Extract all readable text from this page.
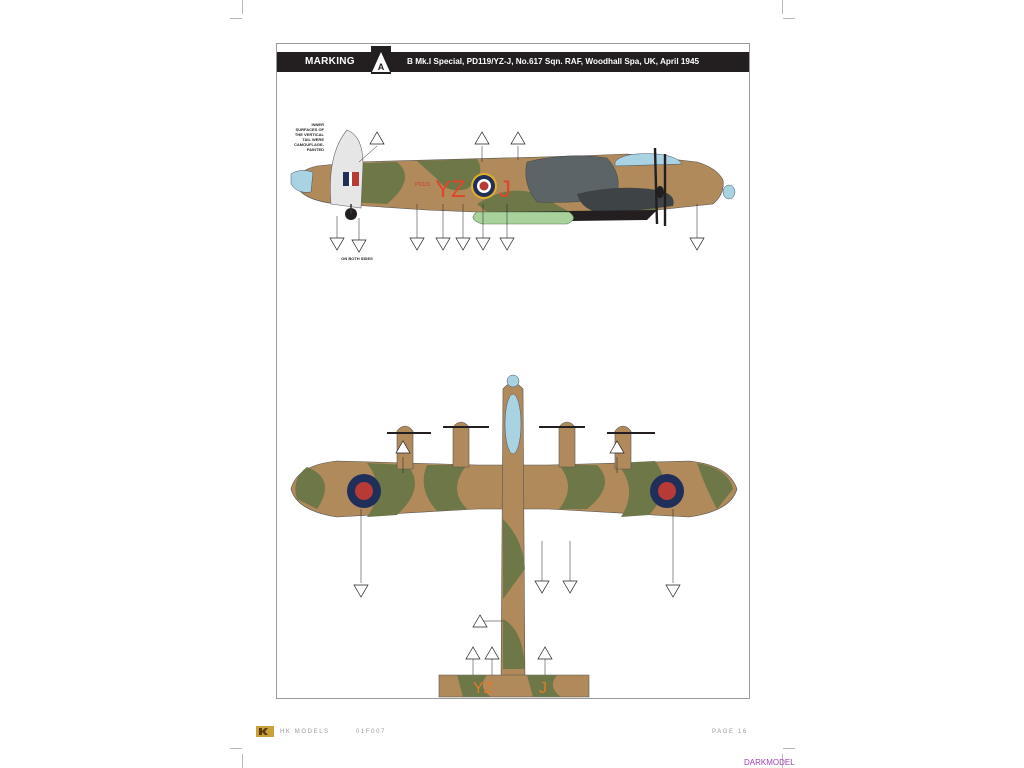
MARKING	B Mk.I Special, PD119/YZ-J, No.617 Sqn. RAF, Woodhall Spa, UK, April 1945
A
INNER
SURFACES OF
THE VERTICAL
TAIL WERE
CAMOUFLAGE-
PAINTED
ON BOTH SIDES
YZ J
PD119
YZ	J
HK MODELS	01F007	PAGE 16
DARKMODEL
